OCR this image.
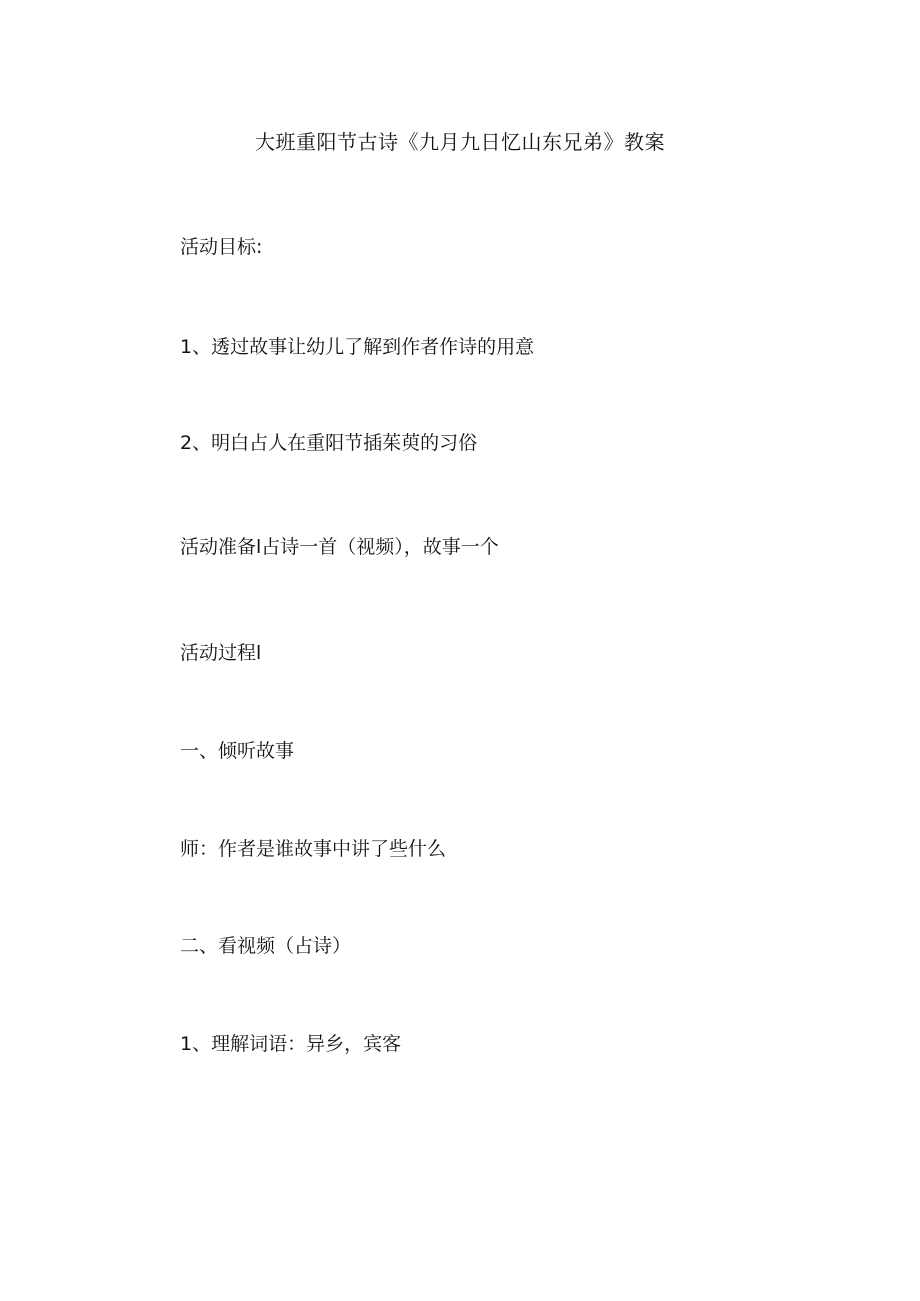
大班重阳节古诗《九月九日忆山东兄弟》教案
活动目标:
1、透过故事让幼儿了解到作者作诗的用意
2、明白占人在重阳节插茱萸的习俗
活动准备l占诗一首（视频），故事一个
活动过程l
一、倾听故事
师：作者是谁故事中讲了些什么
二、看视频（占诗）
1、理解词语：异乡，宾客
